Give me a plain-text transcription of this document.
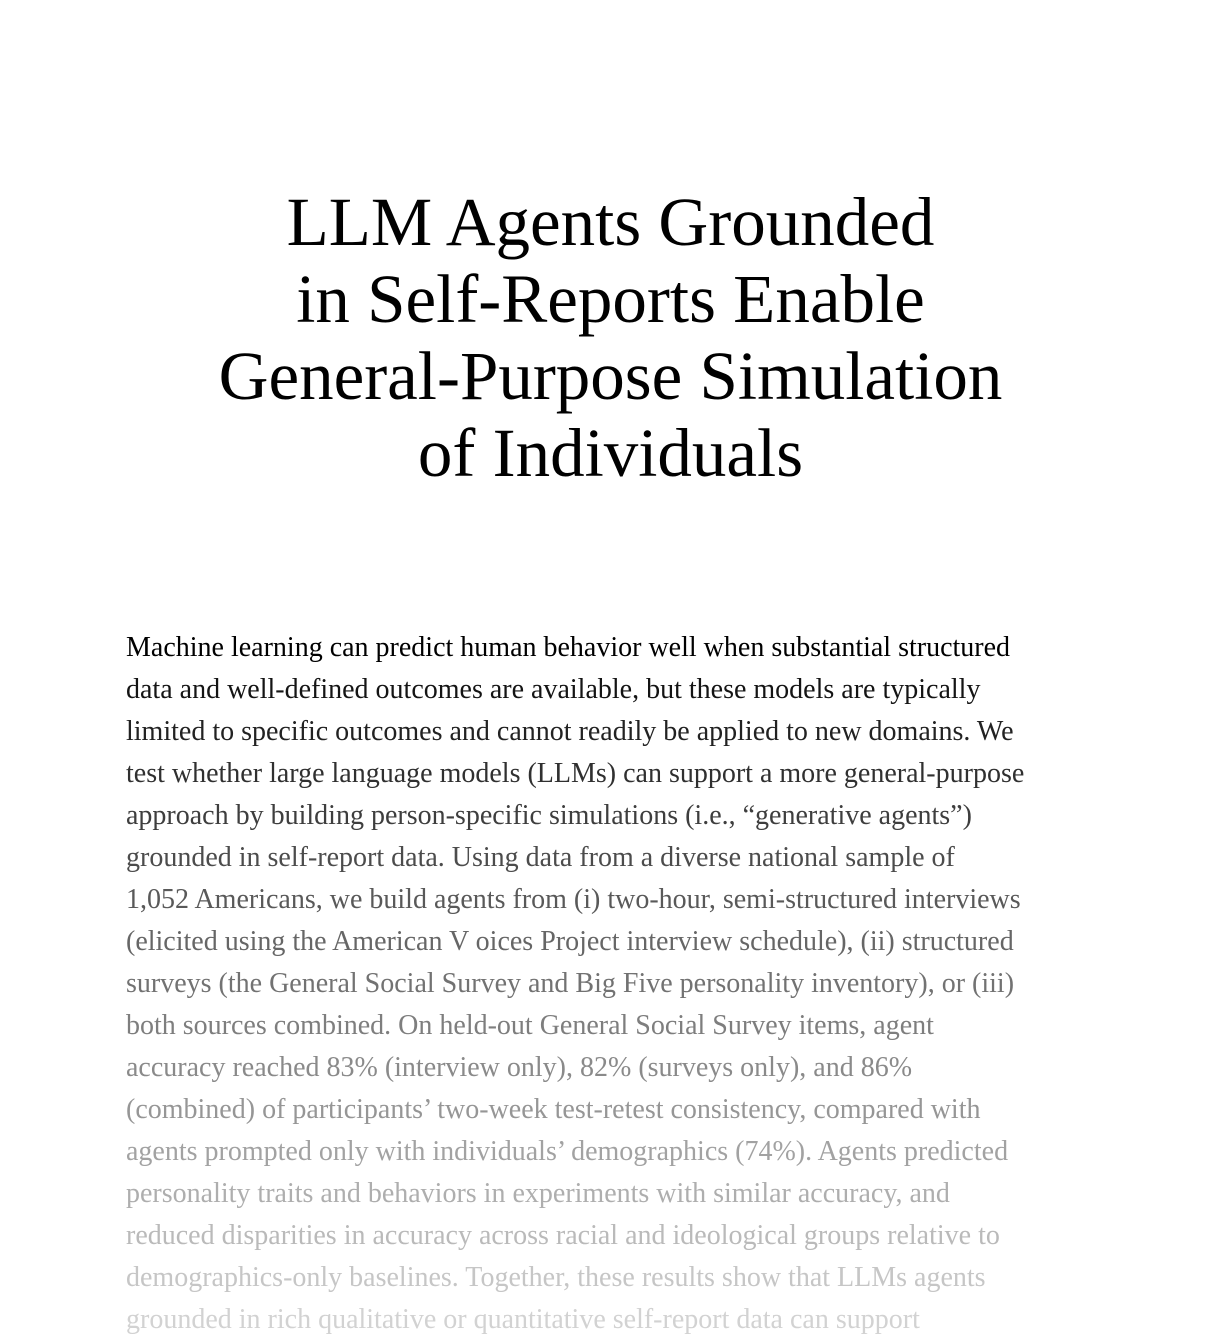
LLM Agents Grounded
in Self-Reports Enable
General-Purpose Simulation
of Individuals
Machine learning can predict human behavior well when substantial structured
data and well-defined outcomes are available, but these models are typically
limited to specific outcomes and cannot readily be applied to new domains. We
test whether large language models (LLMs) can support a more general-purpose
approach by building person-specific simulations (i.e., “generative agents”)
grounded in self-report data. Using data from a diverse national sample of
1,052 Americans, we build agents from (i) two-hour, semi-structured interviews
(elicited using the American V oices Project interview schedule), (ii) structured
surveys (the General Social Survey and Big Five personality inventory), or (iii)
both sources combined. On held-out General Social Survey items, agent
accuracy reached 83% (interview only), 82% (surveys only), and 86%
(combined) of participants’ two-week test-retest consistency, compared with
agents prompted only with individuals’ demographics (74%). Agents predicted
personality traits and behaviors in experiments with similar accuracy, and
reduced disparities in accuracy across racial and ideological groups relative to
demographics-only baselines. Together, these results show that LLMs agents
grounded in rich qualitative or quantitative self-report data can support
